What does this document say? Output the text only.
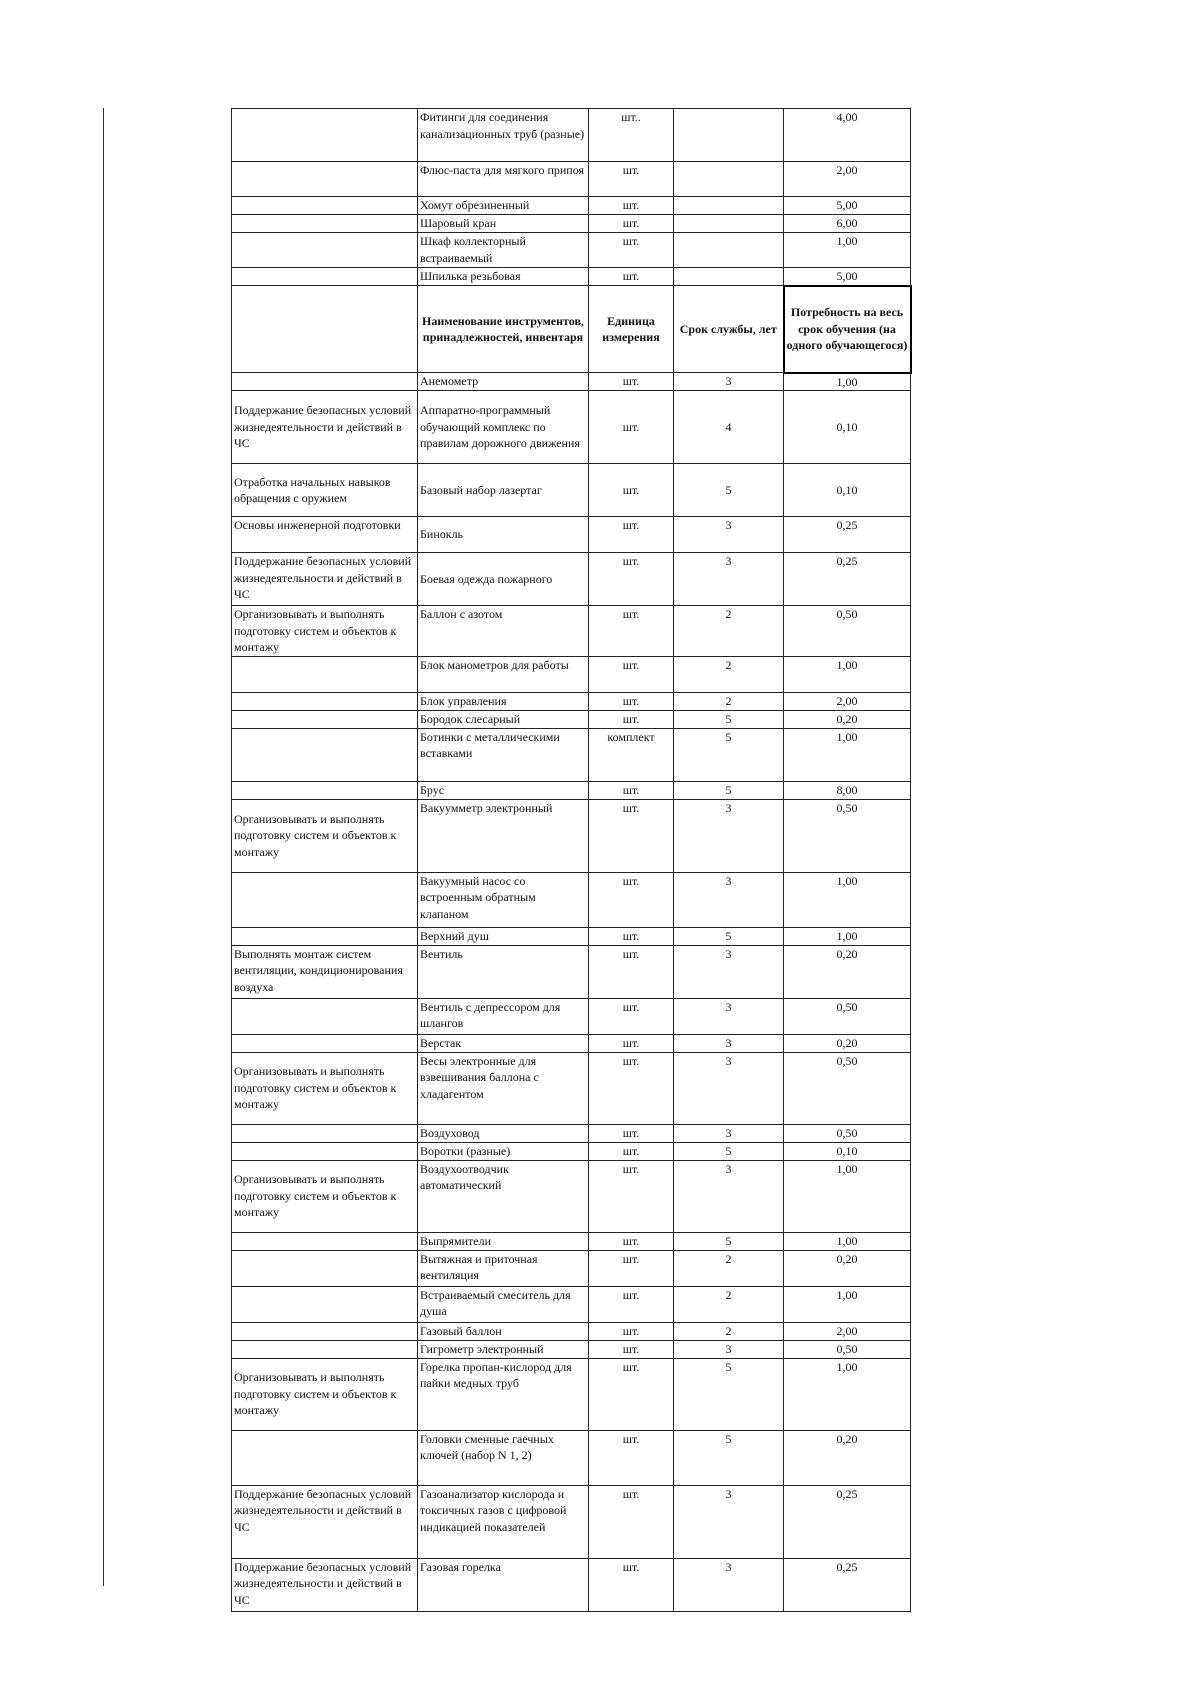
	Фитинги для соединения канализационных труб (разные)	шт..		4,00
	Флюс-паста для мягкого припоя	шт.		2,00
	Хомут обрезиненный	шт.		5,00
	Шаровый кран	шт.		6,00
	Шкаф коллекторный встраиваемый	шт.		1,00
	Шпилька резьбовая	шт.		5,00
	Наименование инструментов, принадлежностей, инвентаря	Единица измерения	Срок службы, лет	Потребность на весь срок обучения (на одного обучающегося)
	Анемометр	шт.	3	1,00
Поддержание безопасных условий жизнедеятельности и действий в ЧС	Аппаратно-программный обучающий комплекс по правилам дорожного движения	шт.	4	0,10
Отработка начальных навыков обращения с оружием	Базовый набор лазертаг	шт.	5	0,10
Основы инженерной подготовки	Бинокль	шт.	3	0,25
Поддержание безопасных условий жизнедеятельности и действий в ЧС	Боевая одежда пожарного	шт.	3	0,25
Организовывать и выполнять подготовку систем и объектов к монтажу	Баллон с азотом	шт.	2	0,50
	Блок манометров для работы	шт.	2	1,00
	Блок управления	шт.	2	2,00
	Бородок слесарный	шт.	5	0,20
	Ботинки с металлическими вставками	комплект	5	1,00
	Брус	шт.	5	8,00
Организовывать и выполнять подготовку систем и объектов к монтажу	Вакуумметр электронный	шт.	3	0,50
	Вакуумный насос со встроенным обратным клапаном	шт.	3	1,00
	Верхний душ	шт.	5	1,00
Выполнять монтаж систем вентиляции, кондиционирования воздуха	Вентиль	шт.	3	0,20
	Вентиль с депрессором для шлангов	шт.	3	0,50
	Верстак	шт.	3	0,20
Организовывать и выполнять подготовку систем и объектов к монтажу	Весы электронные для взвешивания баллона с хладагентом	шт.	3	0,50
	Воздуховод	шт.	3	0,50
	Воротки (разные)	шт.	5	0,10
Организовывать и выполнять подготовку систем и объектов к монтажу	Воздухоотводчик автоматический	шт.	3	1,00
	Выпрямители	шт.	5	1,00
	Вытяжная и приточная вентиляция	шт.	2	0,20
	Встраиваемый смеситель для душа	шт.	2	1,00
	Газовый баллон	шт.	2	2,00
	Гигрометр электронный	шт.	3	0,50
Организовывать и выполнять подготовку систем и объектов к монтажу	Горелка пропан-кислород для пайки медных труб	шт.	5	1,00
	Головки сменные гаечных ключей (набор N 1, 2)	шт.	5	0,20
Поддержание безопасных условий жизнедеятельности и действий в ЧС	Газоанализатор кислорода и токсичных газов с цифровой индикацией показателей	шт.	3	0,25
Поддержание безопасных условий жизнедеятельности и действий в ЧС	Газовая горелка	шт.	3	0,25
